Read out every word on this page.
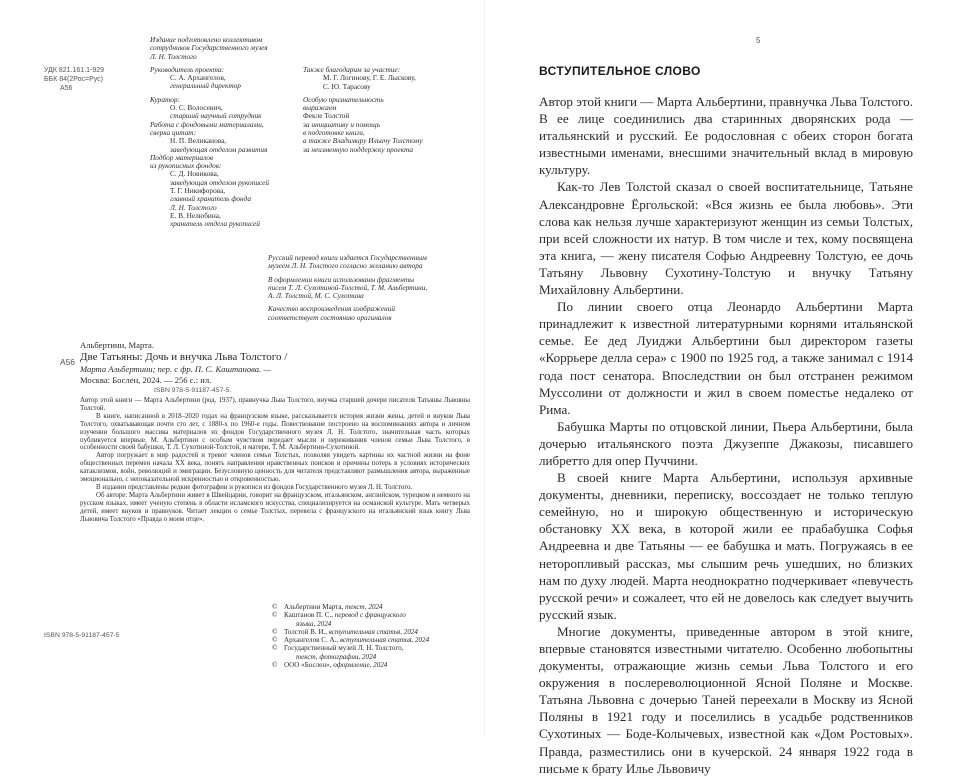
Издание подготовлено коллективом
сотрудников Государственного музея
Л. Н. Толстого
Руководитель проекта:
С. А. Архангелов,
генеральный директор
Куратор:
О. С. Волосевич,
старший научный сотрудник
Работа с фондовыми материалами,
сверка цитат:
Н. П. Великанова,
заведующая отделом развития
Подбор материалов
из рукописных фондов:
С. Д. Новикова,
заведующая отделом рукописей
Т. Г. Никифорова,
главный хранитель фонда
Л. Н. Толстого
Е. В. Нелюбина,
хранитель отдела рукописей
Также благодарим за участие:
М. Г. Логинову, Г. Е. Лыскову,
С. Ю. Тарасову
Особую признательность
выражаем
Фекле Толстой
за инициативу и помощь
в подготовке книги,
а также Владимиру Ильичу Толстому
за неизменную поддержку проекта
УДК 821.161.1-929
ББК 84(2Рос=Рус)
А56
Русский перевод книги издается Государственным
музеем Л. Н. Толстого согласно желанию автора
В оформлении книги использованы фрагменты
писем Т. Л. Сухотиной-Толстой, Т. М. Альбертини,
А. Л. Толстой, М. С. Сухотина
Качество воспроизведения изображений
соответствует состоянию оригиналов
Альбертини, Марта.
А56 Две Татьяны: Дочь и внучка Льва Толстого /
Марта Альбертини; пер. с фр. П. С. Каштанова. —
Москва: Бослен, 2024. — 256 с.: ил.
ISBN 978-5-91187-457-5.

Автор этой книги — Марта Альбертини (род. 1937), правнучка Льва Толстого, внучка старшей дочери писателя Татьяны Львовны Толстой.

В книге, написанной в 2018–2020 годах на французском языке, рассказывается история жизни жены, детей и внуков Льва Толстого, охватывающая почти сто лет, с 1880-х по 1960-е годы. Повествование построено на воспоминаниях автора и личном изучении большого массива материалов из фондов Государственного музея Л. Н. Толстого, значительная часть которых публикуется впервые. М. Альбертини с особым чувством передает мысли и переживания членов семьи Льва Толстого, в особенности своей бабушки, Т. Л. Сухотиной-Толстой, и матери, Т. М. Альбертини-Сухотиной.

Автор погружает в мир радостей и тревог членов семьи Толстых, позволяя увидеть картины их частной жизни на фоне общественных перемен начала XX века, понять направления нравственных поисков и причины потерь в условиях исторических катаклизмов, войн, революций и эмиграции. Безусловную ценность для читателя представляют размышления автора, выраженные эмоционально, с непоказательной искренностью и откровенностью.

В издании представлены редкие фотографии и рукописи из фондов Государственного музея Л. Н. Толстого.

Об авторе: Марта Альбертини живет в Швейцарии, говорит на французском, итальянском, английском, турецком и немного на русском языках, имеет ученую степень в области исламского искусства, специализируется на османской культуре. Мать четверых детей, имеет внуков и правнуков. Читает лекции о семье Толстых, перевела с французского на итальянский язык книгу Льва Львовича Толстого «Правда о моем отце».

© Альбертини Марта, текст, 2024
© Каштанов П. С., перевод с французского
языка, 2024
© Толстой В. И., вступительная статья, 2024
© Архангелов С. А., вступительная статья, 2024
© Государственный музей Л. Н. Толстого,
текст, фотографии, 2024
© ООО «Бослен», оформление, 2024
ISBN 978-5-91187-457-5
5
ВСТУПИТЕЛЬНОЕ СЛОВО

Автор этой книги — Марта Альбертини, правнучка Льва Толстого. В ее лице соединились два старинных дворянских рода — итальянский и русский. Ее родословная с обеих сторон богата известными именами, внесшими значительный вклад в мировую культуру.

Как-то Лев Толстой сказал о своей воспитательнице, Татьяне Александровне Ёргольской: «Вся жизнь ее была любовь». Эти слова как нельзя лучше характеризуют женщин из семьи Толстых, при всей сложности их натур. В том числе и тех, кому посвящена эта книга, — жену писателя Софью Андреевну Толстую, ее дочь Татьяну Львовну Сухотину-Толстую и внучку Татьяну Михайловну Альбертини.

По линии своего отца Леонардо Альбертини Марта принадлежит к известной литературными корнями итальянской семье. Ее дед Луиджи Альбертини был директором газеты «Коррьере делла сера» с 1900 по 1925 год, а также занимал с 1914 года пост сенатора. Впоследствии он был отстранен режимом Муссолини от должности и жил в своем поместье недалеко от Рима.

Бабушка Марты по отцовской линии, Пьера Альбертини, была дочерью итальянского поэта Джузеппе Джакозы, писавшего либретто для опер Пуччини.

В своей книге Марта Альбертини, используя архивные документы, дневники, переписку, воссоздает не только теплую семейную, но и широкую общественную и историческую обстановку XX века, в которой жили ее прабабушка Софья Андреевна и две Татьяны — ее бабушка и мать. Погружаясь в ее неторопливый рассказ, мы слышим речь ушедших, но близких нам по духу людей. Марта неоднократно подчеркивает «певучесть русской речи» и сожалеет, что ей не довелось как следует выучить русский язык.

Многие документы, приведенные автором в этой книге, впервые становятся известными читателю. Особенно любопытны документы, отражающие жизнь семьи Льва Толстого и его окружения в послереволюционной Ясной Поляне и Москве. Татьяна Львовна с дочерью Таней переехали в Москву из Ясной Поляны в 1921 году и поселились в усадьбе родственников Сухотиных — Боде-Колычевых, известной как «Дом Ростовых». Правда, разместились они в кучерской. 24 января 1922 года в письме к брату Илье Львовичу
